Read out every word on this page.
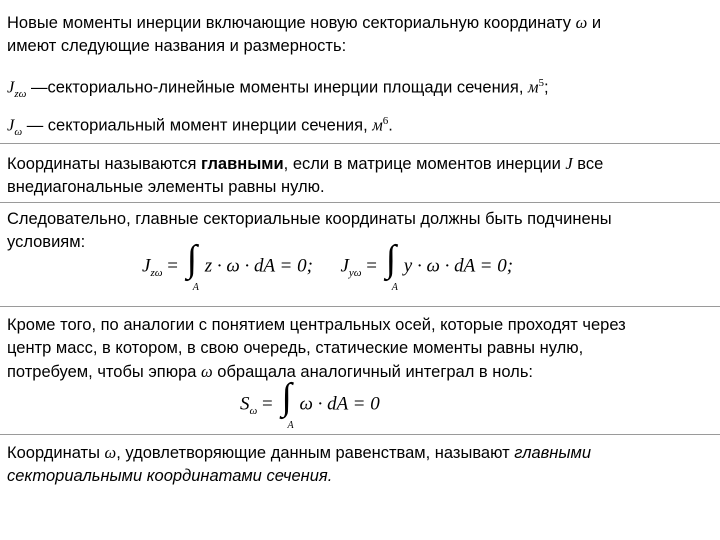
Новые моменты инерции включающие новую секториальную координату ω и
имеют следующие названия и размерность:
$J_{z\omega}$ —секториально-линейные моменты инерции площади сечения, $м^5$;
$J_\omega$ — секториальный момент инерции сечения, $м^6$.
Координаты называются главными, если в матрице моментов инерции J все
внедиагональные элементы равны нулю.
Следовательно, главные секториальные координаты должны быть подчинены
условиям:
$J_{z\omega}$ = ∫
A
z · ω · dA = 0; $J_{y\omega}$ = ∫
A
y · ω · dA = 0;
Кроме того, по аналогии с понятием центральных осей, которые проходят через
центр масс, в котором, в свою очередь, статические моменты равны нулю,
потребуем, чтобы эпюра ω обращала аналогичный интеграл в ноль:
$S_\omega$ = ∫
A
ω · dA = 0
Координаты ω, удовлетворяющие данным равенствам, называют главными
секториальными координатами сечения.
